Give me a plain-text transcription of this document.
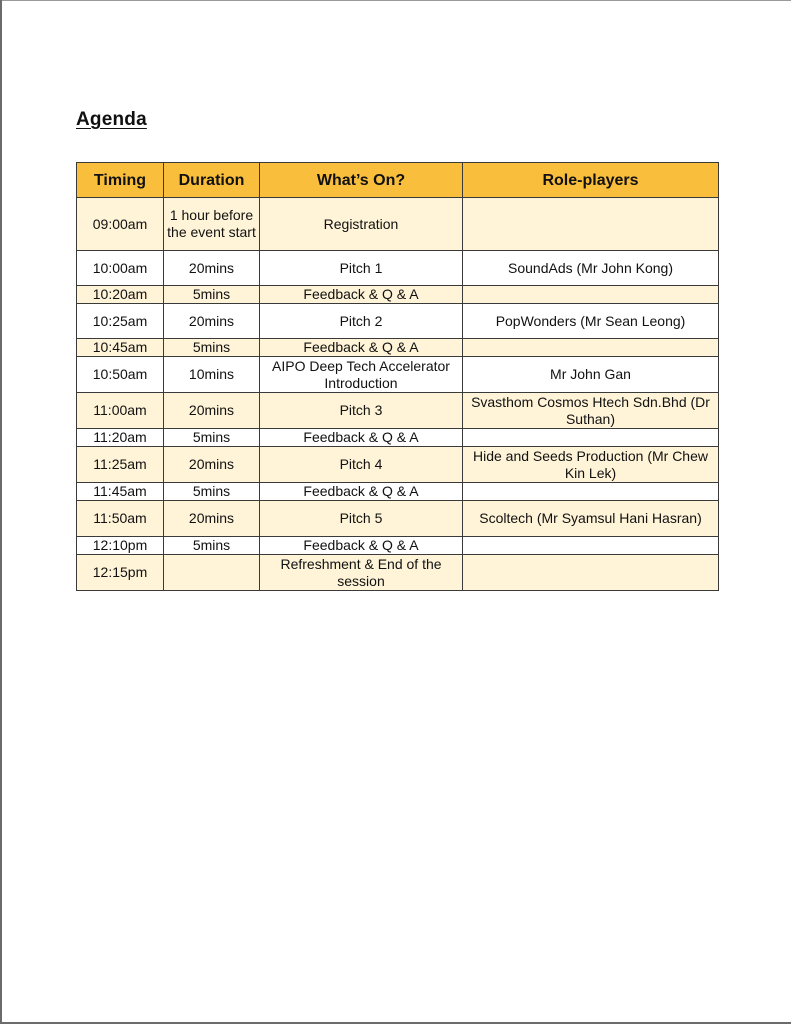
Agenda
Timing	Duration	What’s On?	Role-players
09:00am	1 hour before the event start	Registration	
10:00am	20mins	Pitch 1	SoundAds (Mr John Kong)
10:20am	5mins	Feedback & Q & A	
10:25am	20mins	Pitch 2	PopWonders (Mr Sean Leong)
10:45am	5mins	Feedback & Q & A	
10:50am	10mins	AIPO Deep Tech Accelerator Introduction	Mr John Gan
11:00am	20mins	Pitch 3	Svasthom Cosmos Htech Sdn.Bhd (Dr Suthan)
11:20am	5mins	Feedback & Q & A	
11:25am	20mins	Pitch 4	Hide and Seeds Production (Mr Chew Kin Lek)
11:45am	5mins	Feedback & Q & A	
11:50am	20mins	Pitch 5	Scoltech (Mr Syamsul Hani Hasran)
12:10pm	5mins	Feedback & Q & A	
12:15pm		Refreshment & End of the session	
